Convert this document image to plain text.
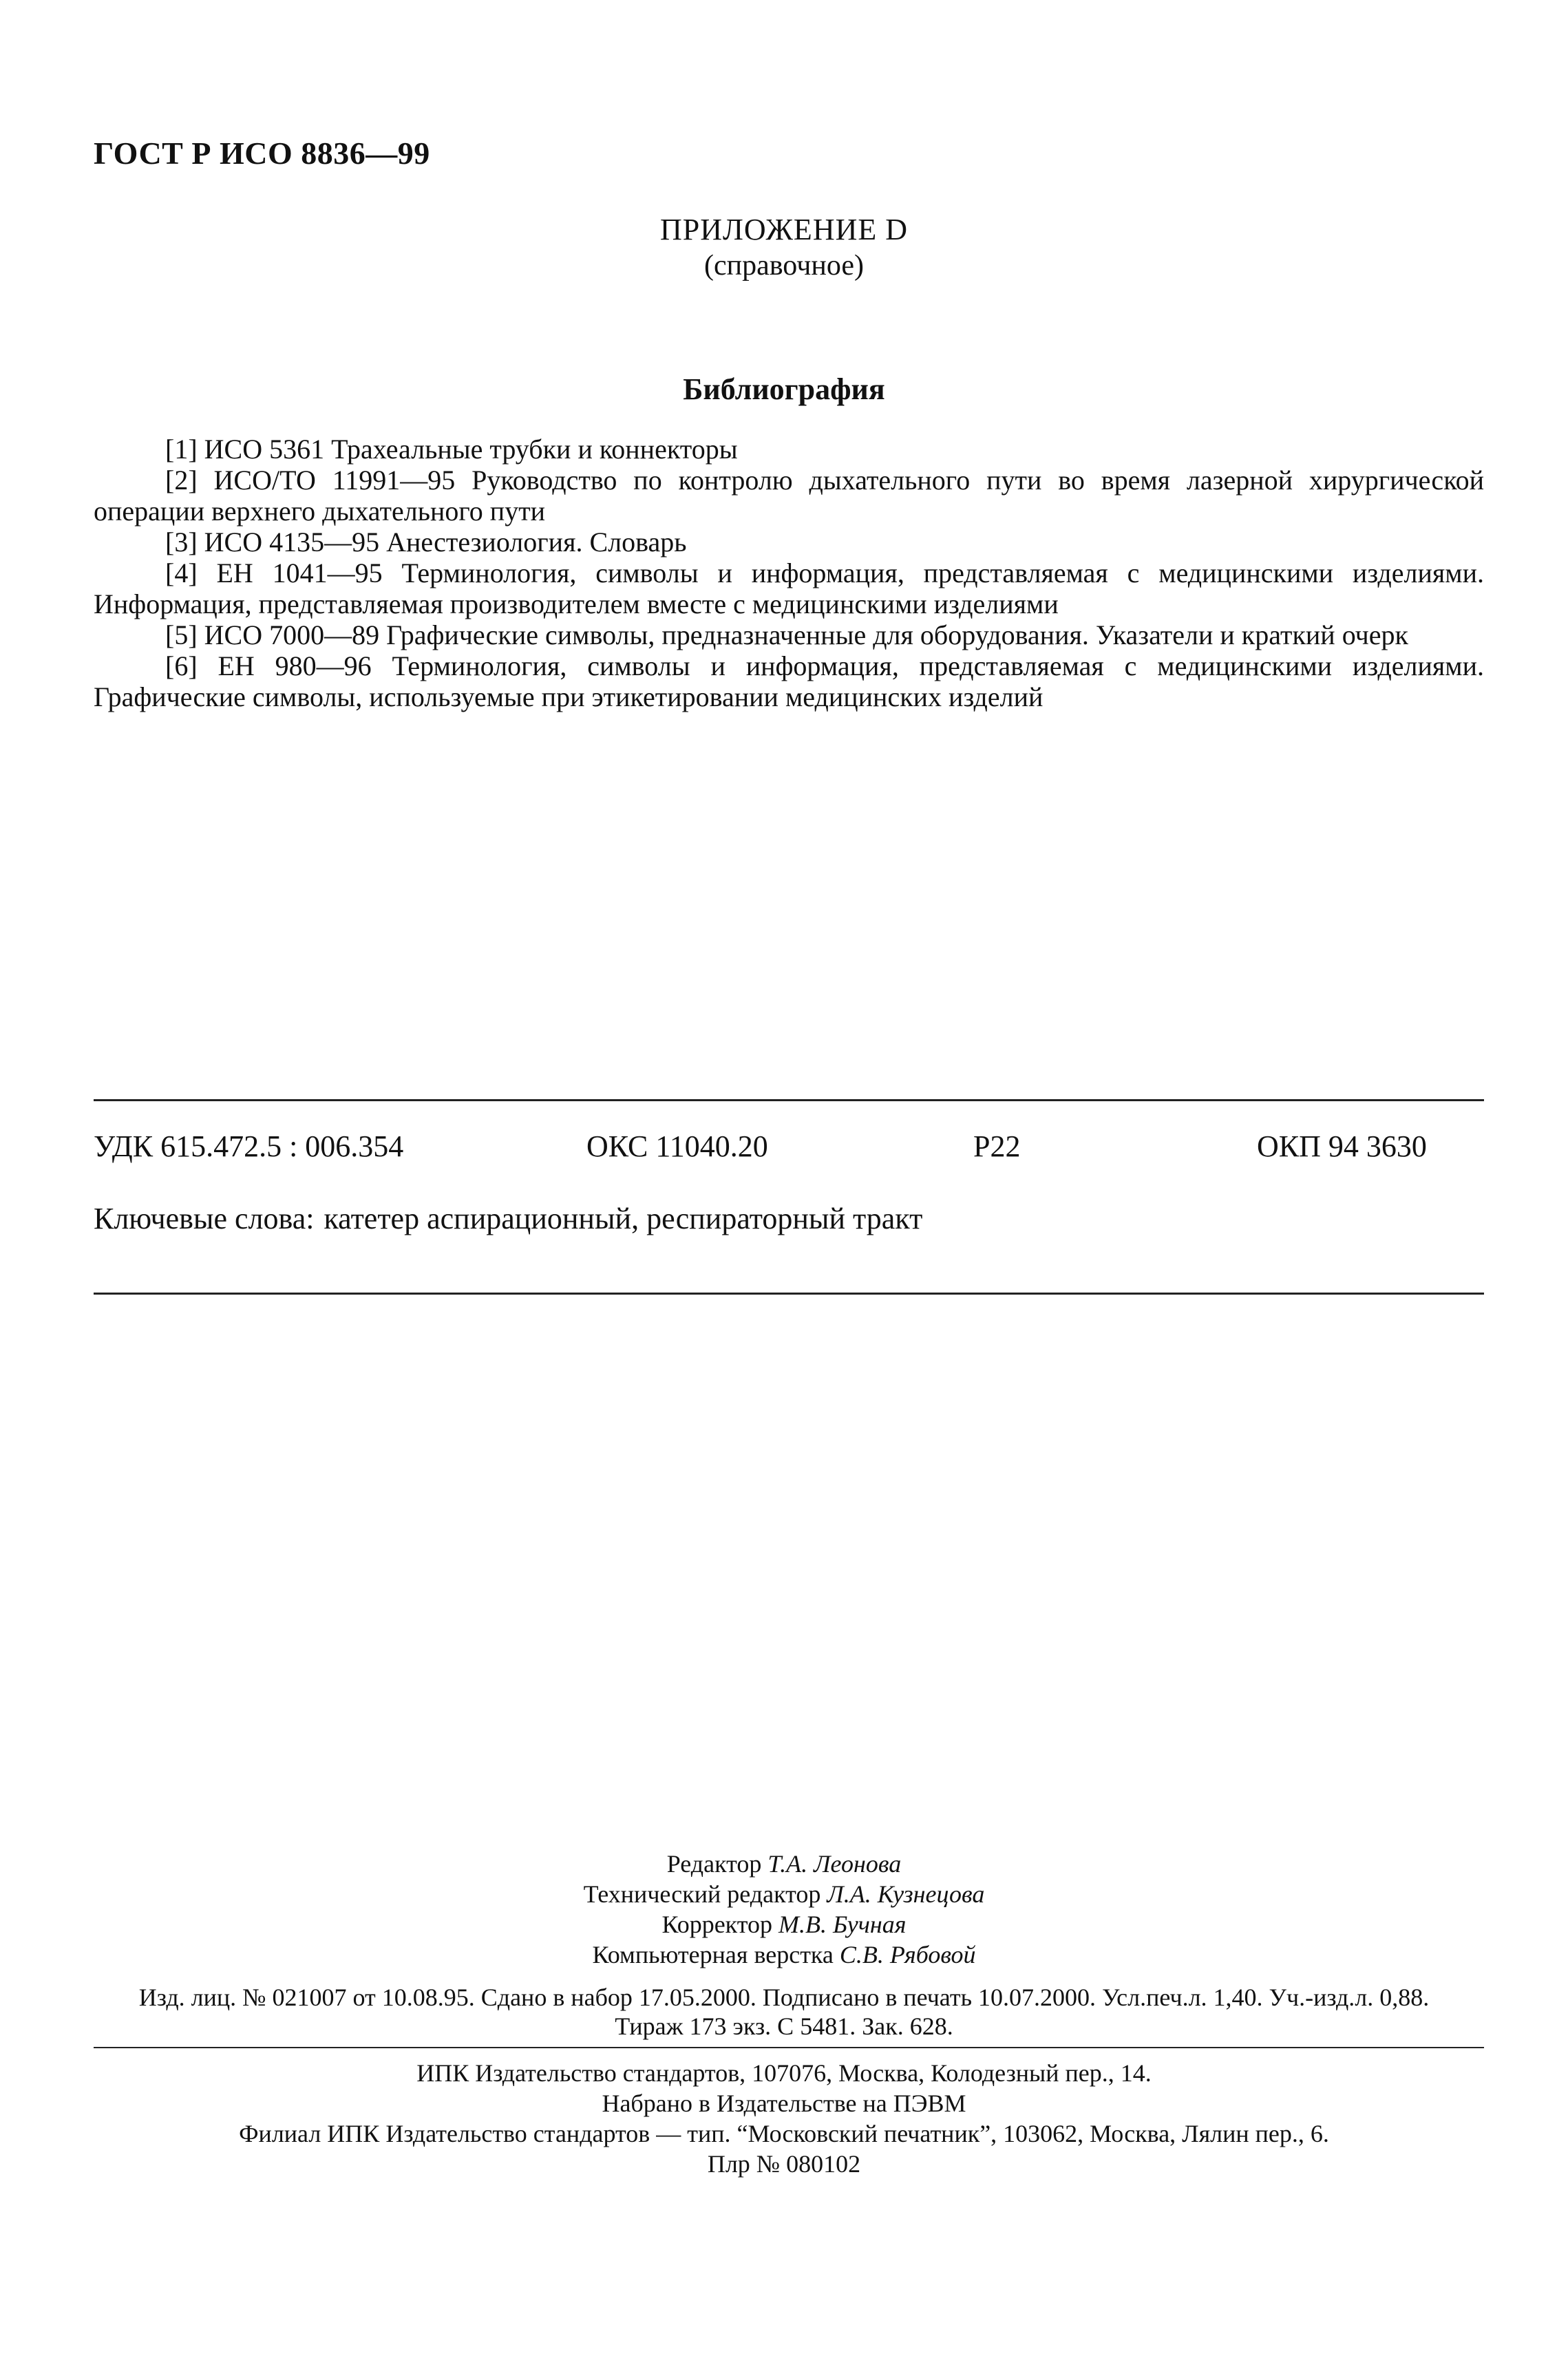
ГОСТ Р ИСО 8836—99
ПРИЛОЖЕНИЕ D
(справочное)
Библиография

[1] ИСО 5361 Трахеальные трубки и коннекторы

[2] ИСО/ТО 11991—95 Руководство по контролю дыхательного пути во время лазерной хирургической операции верхнего дыхательного пути

[3] ИСО 4135—95 Анестезиология. Словарь

[4] ЕН 1041—95 Терминология, символы и информация, представляемая с медицинскими изделиями. Информация, представляемая производителем вместе с медицинскими изделиями

[5] ИСО 7000—89 Графические символы, предназначенные для оборудования. Указатели и краткий очерк

[6] ЕН 980—96 Терминология, символы и информация, представляемая с медицинскими изделиями. Графические символы, используемые при этикетировании медицинских изделий

УДК 615.472.5 : 006.354	ОКС 11040.20	Р22	ОКП 94 3630
Ключевые слова: катетер аспирационный, респираторный тракт
Редактор Т.А. Леонова
Технический редактор Л.А. Кузнецова
Корректор М.В. Бучная
Компьютерная верстка С.В. Рябовой
Изд. лиц. № 021007 от 10.08.95. Сдано в набор 17.05.2000. Подписано в печать 10.07.2000. Усл.печ.л. 1,40. Уч.-изд.л. 0,88.
Тираж 173 экз. С 5481. Зак. 628.
ИПК Издательство стандартов, 107076, Москва, Колодезный пер., 14.
Набрано в Издательстве на ПЭВМ
Филиал ИПК Издательство стандартов — тип. “Московский печатник”, 103062, Москва, Лялин пер., 6.
Плр № 080102
